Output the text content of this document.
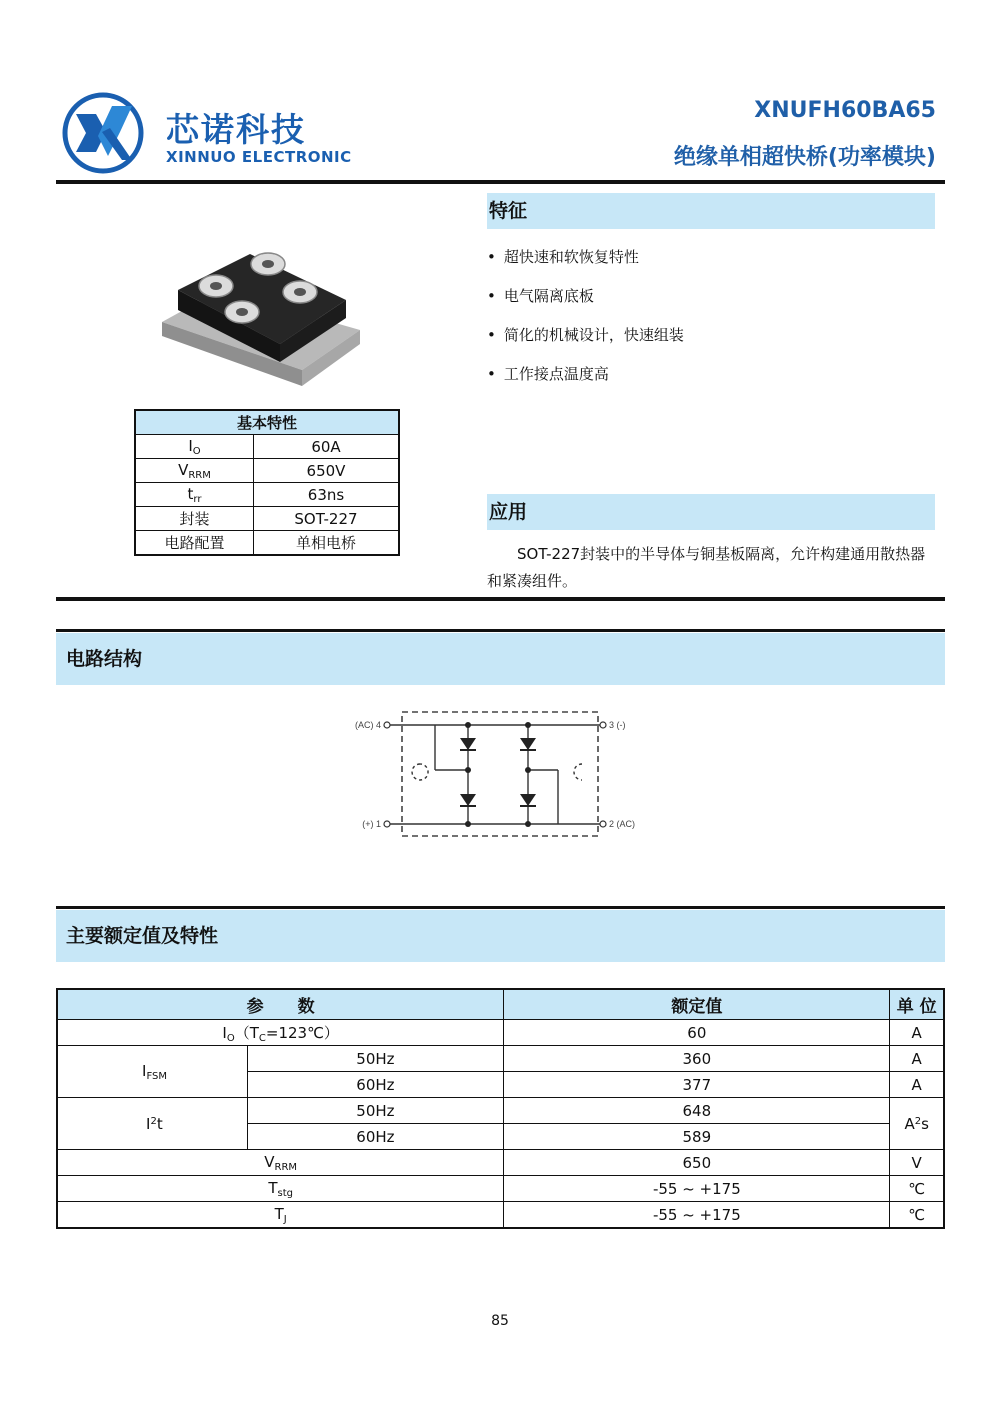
芯诺科技
XINNUO ELECTRONIC
XNUFH60BA65
绝缘单相超快桥(功率模块)
特征
• 超快速和软恢复特性
• 电气隔离底板
• 简化的机械设计，快速组装
• 工作接点温度高
基本特性	
$I_O$	60A
$V_{RRM}$	650V
$t_{rr}$	63ns
封装	SOT-227
电路配置	单相电桥
应用
SOT-227封装中的半导体与铜基板隔离，允许构建通用散热器和紧凑组件。
电路结构
(AC) 4	3 (-)
(+) 1	2 (AC)
主要额定值及特性
参　　数		额定值	单 位
$I_O(T_C=123℃)$		60	A
$I_{FSM}$	50Hz	360	A
	60Hz	377	A
$I^2t$	50Hz	648	$A^2s$
	60Hz	589	
$V_{RRM}$		650	V
$T_{stg}$		-55 ~ +175	℃
$T_J$		-55 ~ +175	℃
85
